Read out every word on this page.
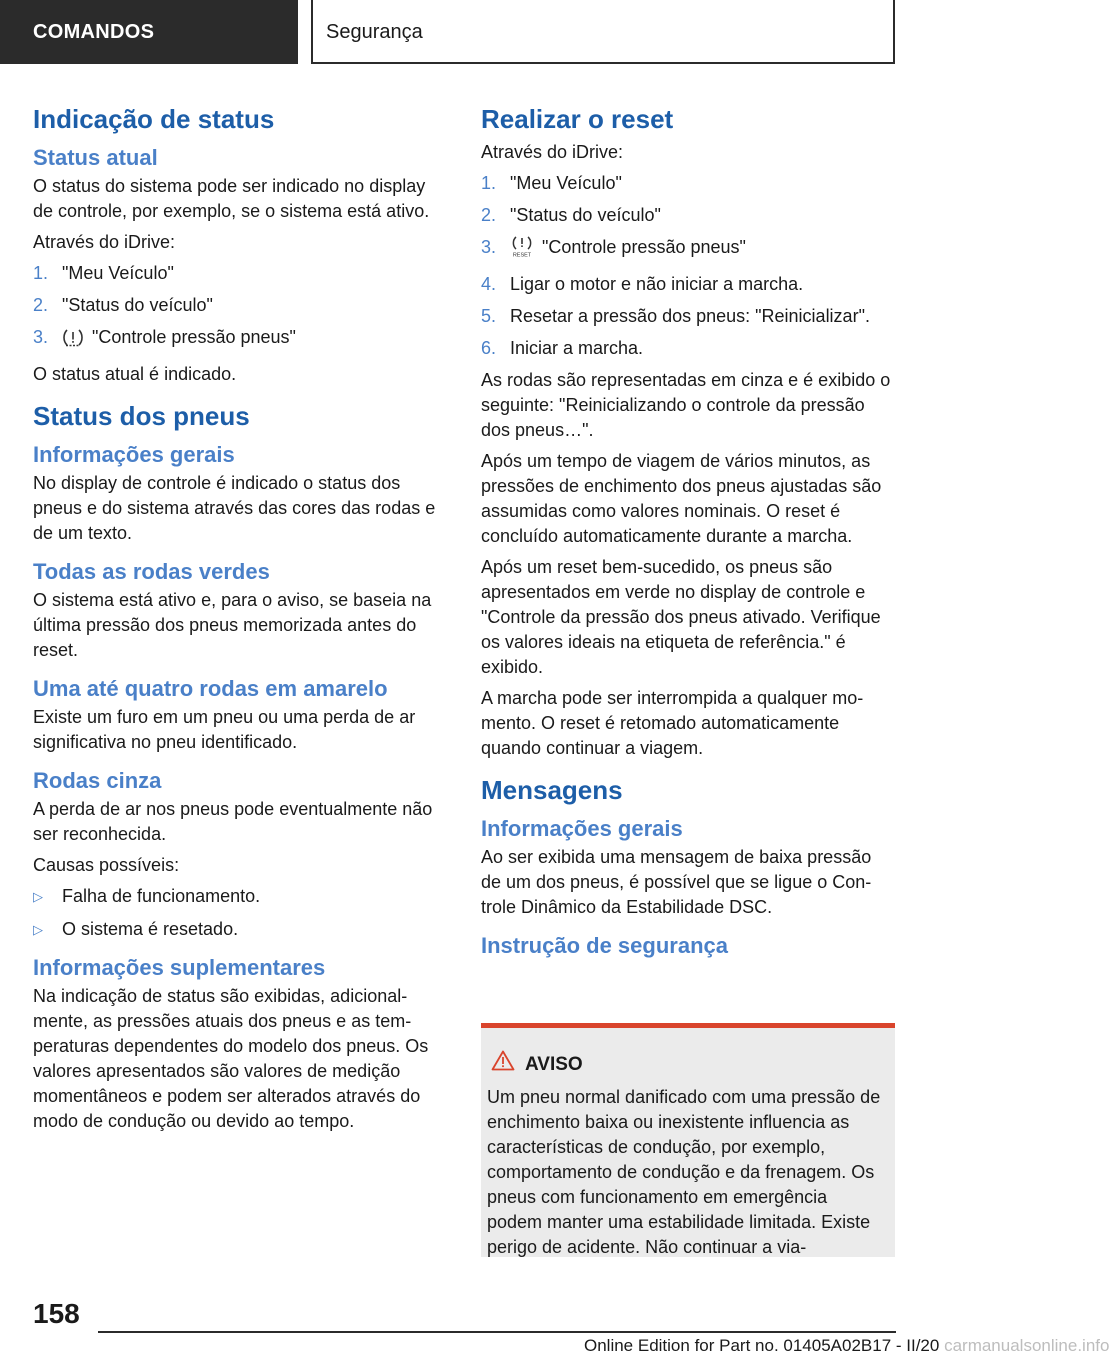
COMANDOS	Segurança
Indicação de status
Status atual

O status do sistema pode ser indicado no display de controle, por exemplo, se o sistema está ativo.

Através do iDrive:

1. "Meu Veículo"
2. "Status do veículo"
3. "Controle pressão pneus"

O status atual é indicado.

Status dos pneus
Informações gerais

No display de controle é indicado o status dos pneus e do sistema através das cores das rodas e de um texto.

Todas as rodas verdes

O sistema está ativo e, para o aviso, se baseia na última pressão dos pneus memorizada antes do reset.

Uma até quatro rodas em amarelo

Existe um furo em um pneu ou uma perda de ar significativa no pneu identificado.

Rodas cinza

A perda de ar nos pneus pode eventualmente não ser reconhecida.

Causas possíveis:

▷ Falha de funcionamento.
▷ O sistema é resetado.
Informações suplementares

Na indicação de status são exibidas, adicional-mente, as pressões atuais dos pneus e as tem-peraturas dependentes do modelo dos pneus. Os valores apresentados são valores de medição momentâneos e podem ser alterados através do modo de condução ou devido ao tempo.

Realizar o reset

Através do iDrive:

1. "Meu Veículo"
2. "Status do veículo"
3.	RESET "Controle pressão pneus"
4. Ligar o motor e não iniciar a marcha.
5. Resetar a pressão dos pneus: "Reinicializar".
6. Iniciar a marcha.

As rodas são representadas em cinza e é exibido o seguinte: "Reinicializando o controle da pressão dos pneus…".

Após um tempo de viagem de vários minutos, as pressões de enchimento dos pneus ajustadas são assumidas como valores nominais. O reset é concluído automaticamente durante a marcha.

Após um reset bem-sucedido, os pneus são apresentados em verde no display de controle e "Controle da pressão dos pneus ativado. Verifique os valores ideais na etiqueta de referência." é exibido.

A marcha pode ser interrompida a qualquer mo-mento. O reset é retomado automaticamente quando continuar a viagem.

Mensagens
Informações gerais

Ao ser exibida uma mensagem de baixa pressão de um dos pneus, é possível que se ligue o Con-trole Dinâmico da Estabilidade DSC.

Instrução de segurança
AVISO

Um pneu normal danificado com uma pressão de enchimento baixa ou inexistente influencia as características de condução, por exemplo, comportamento de condução e da frenagem. Os pneus com funcionamento em emergência podem manter uma estabilidade limitada. Existe perigo de acidente. Não continuar a via-

158
Online Edition for Part no. 01405A02B17 - II/20 carmanualsonline.info
